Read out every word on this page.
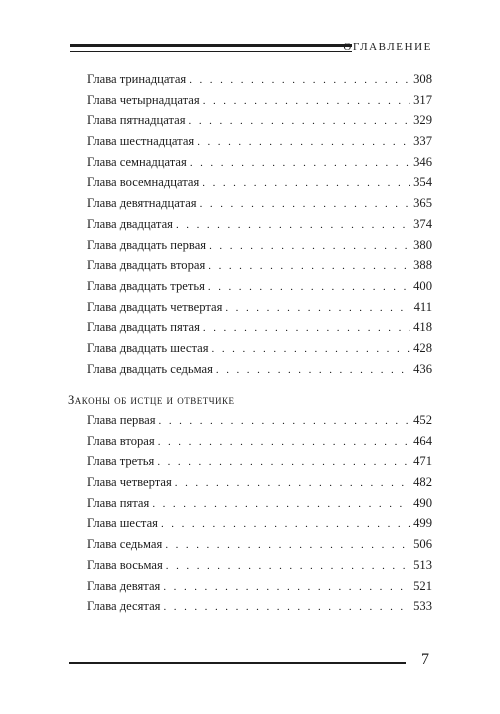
ОГЛАВЛЕНИЕ
Глава тринадцатая . . .	308
Глава четырнадцатая . . .	317
Глава пятнадцатая . . .	329
Глава шестнадцатая . . .	337
Глава семнадцатая . . .	346
Глава восемнадцатая . . .	354
Глава девятнадцатая . . .	365
Глава двадцатая . . .	374
Глава двадцать первая . . .	380
Глава двадцать вторая . . .	388
Глава двадцать третья . . .	400
Глава двадцать четвертая . . .	411
Глава двадцать пятая . . .	418
Глава двадцать шестая . . .	428
Глава двадцать седьмая . . .	436
Законы об истце и ответчике
Глава первая . . .	452
Глава вторая . . .	464
Глава третья . . .	471
Глава четвертая . . .	482
Глава пятая . . .	490
Глава шестая . . .	499
Глава седьмая . . .	506
Глава восьмая . . .	513
Глава девятая . . .	521
Глава десятая . . .	533
7
